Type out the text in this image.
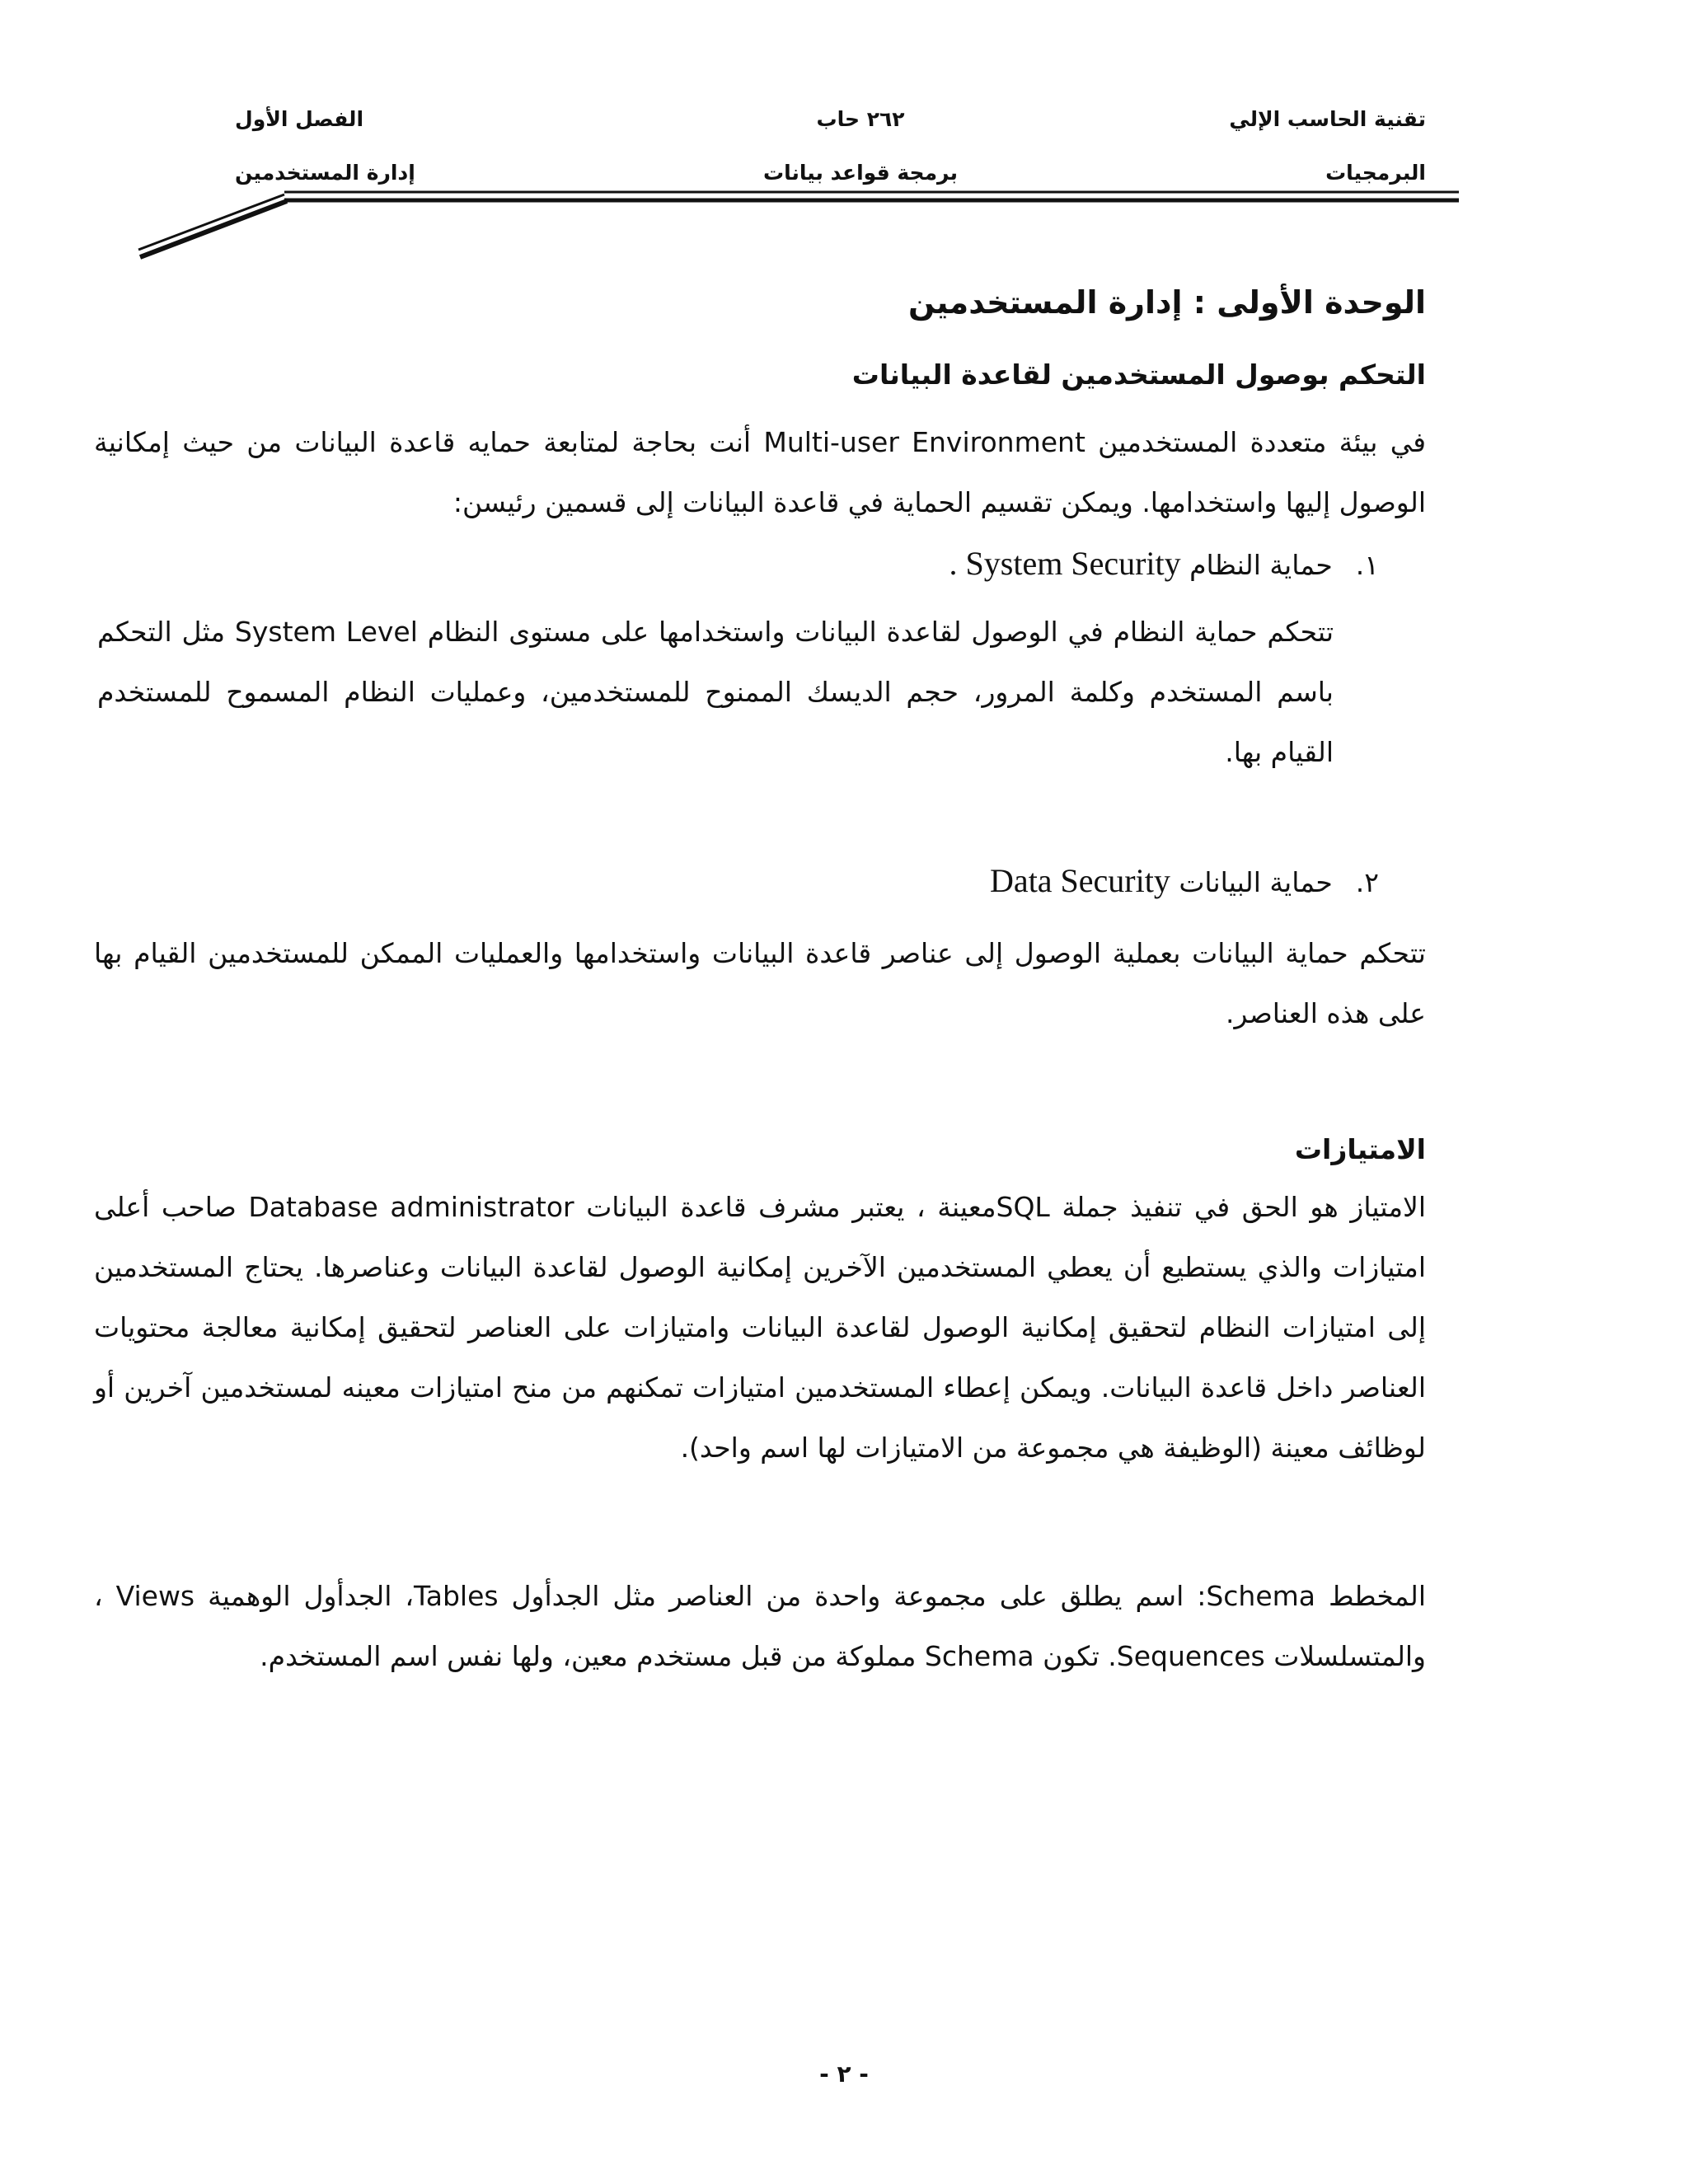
تقنية الحاسب الإلي
٢٦٢ حاب
الفصل الأول
البرمجيات
برمجة قواعد بيانات
إدارة المستخدمين
الوحدة الأولى : إدارة المستخدمين
التحكم بوصول المستخدمين لقاعدة البيانات
في بيئة متعددة المستخدمين Multi-user Environment أنت بحاجة لمتابعة حمايه قاعدة البيانات من حيث إمكانية الوصول إليها واستخدامها. ويمكن تقسيم الحماية في قاعدة البيانات إلى قسمين رئيسن:
١.حماية النظام System Security .
تتحكم حماية النظام في الوصول لقاعدة البيانات واستخدامها على مستوى النظام System Level مثل التحكم باسم المستخدم وكلمة المرور، حجم الديسك الممنوح للمستخدمين، وعمليات النظام المسموح للمستخدم القيام بها.
٢.حماية البيانات Data Security
تتحكم حماية البيانات بعملية الوصول إلى عناصر قاعدة البيانات واستخدامها والعمليات الممكن للمستخدمين القيام بها على هذه العناصر.
الامتيازات
الامتياز هو الحق في تنفيذ جملة SQLمعينة ، يعتبر مشرف قاعدة البيانات Database administrator صاحب أعلى امتيازات والذي يستطيع أن يعطي المستخدمين الآخرين إمكانية الوصول لقاعدة البيانات وعناصرها. يحتاج المستخدمين إلى امتيازات النظام لتحقيق إمكانية الوصول لقاعدة البيانات وامتيازات على العناصر لتحقيق إمكانية معالجة محتويات العناصر داخل قاعدة البيانات. ويمكن إعطاء المستخدمين امتيازات تمكنهم من منح امتيازات معينه لمستخدمين آخرين أو لوظائف معينة (الوظيفة هي مجموعة من الامتيازات لها اسم واحد).
المخطط Schema: اسم يطلق على مجموعة واحدة من العناصر مثل الجدأول Tables، الجدأول الوهمية Views ، والمتسلسلات Sequences. تكون Schema مملوكة من قبل مستخدم معين، ولها نفس اسم المستخدم.
- ٢ -
